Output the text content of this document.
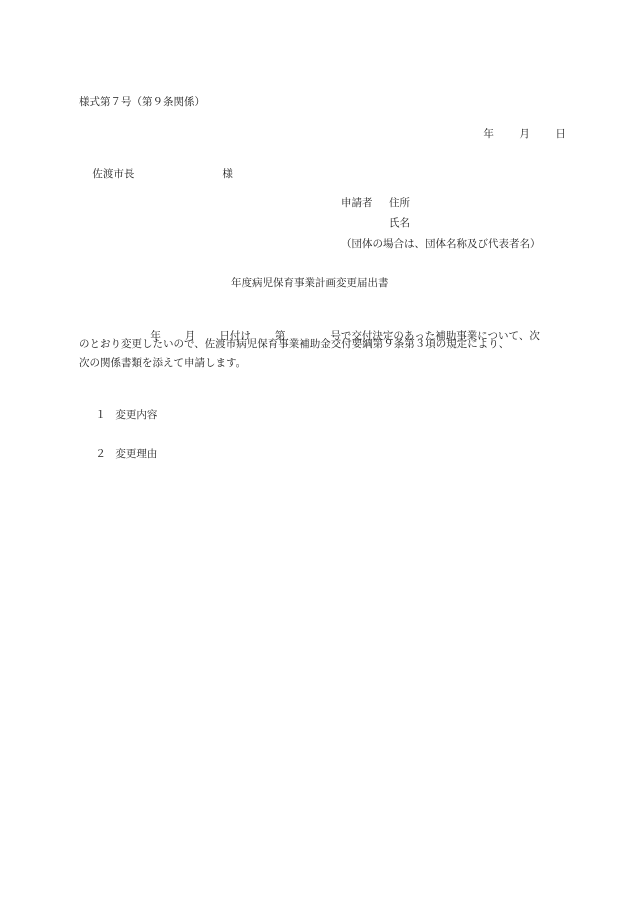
様式第７号（第９条関係）

年 月 日

佐渡市長	様

申請者 住所
氏名
（団体の場合は、団体名称及び代表者名）
年度病児保育事業計画変更届出書

年 月 日付け 第	号で交付決定のあった補助事業について、次

のとおり変更したいので、佐渡市病児保育事業補助金交付要綱第９条第３項の規定により、
次の関係書類を添えて申請します。

１ 変更内容

２ 変更理由
